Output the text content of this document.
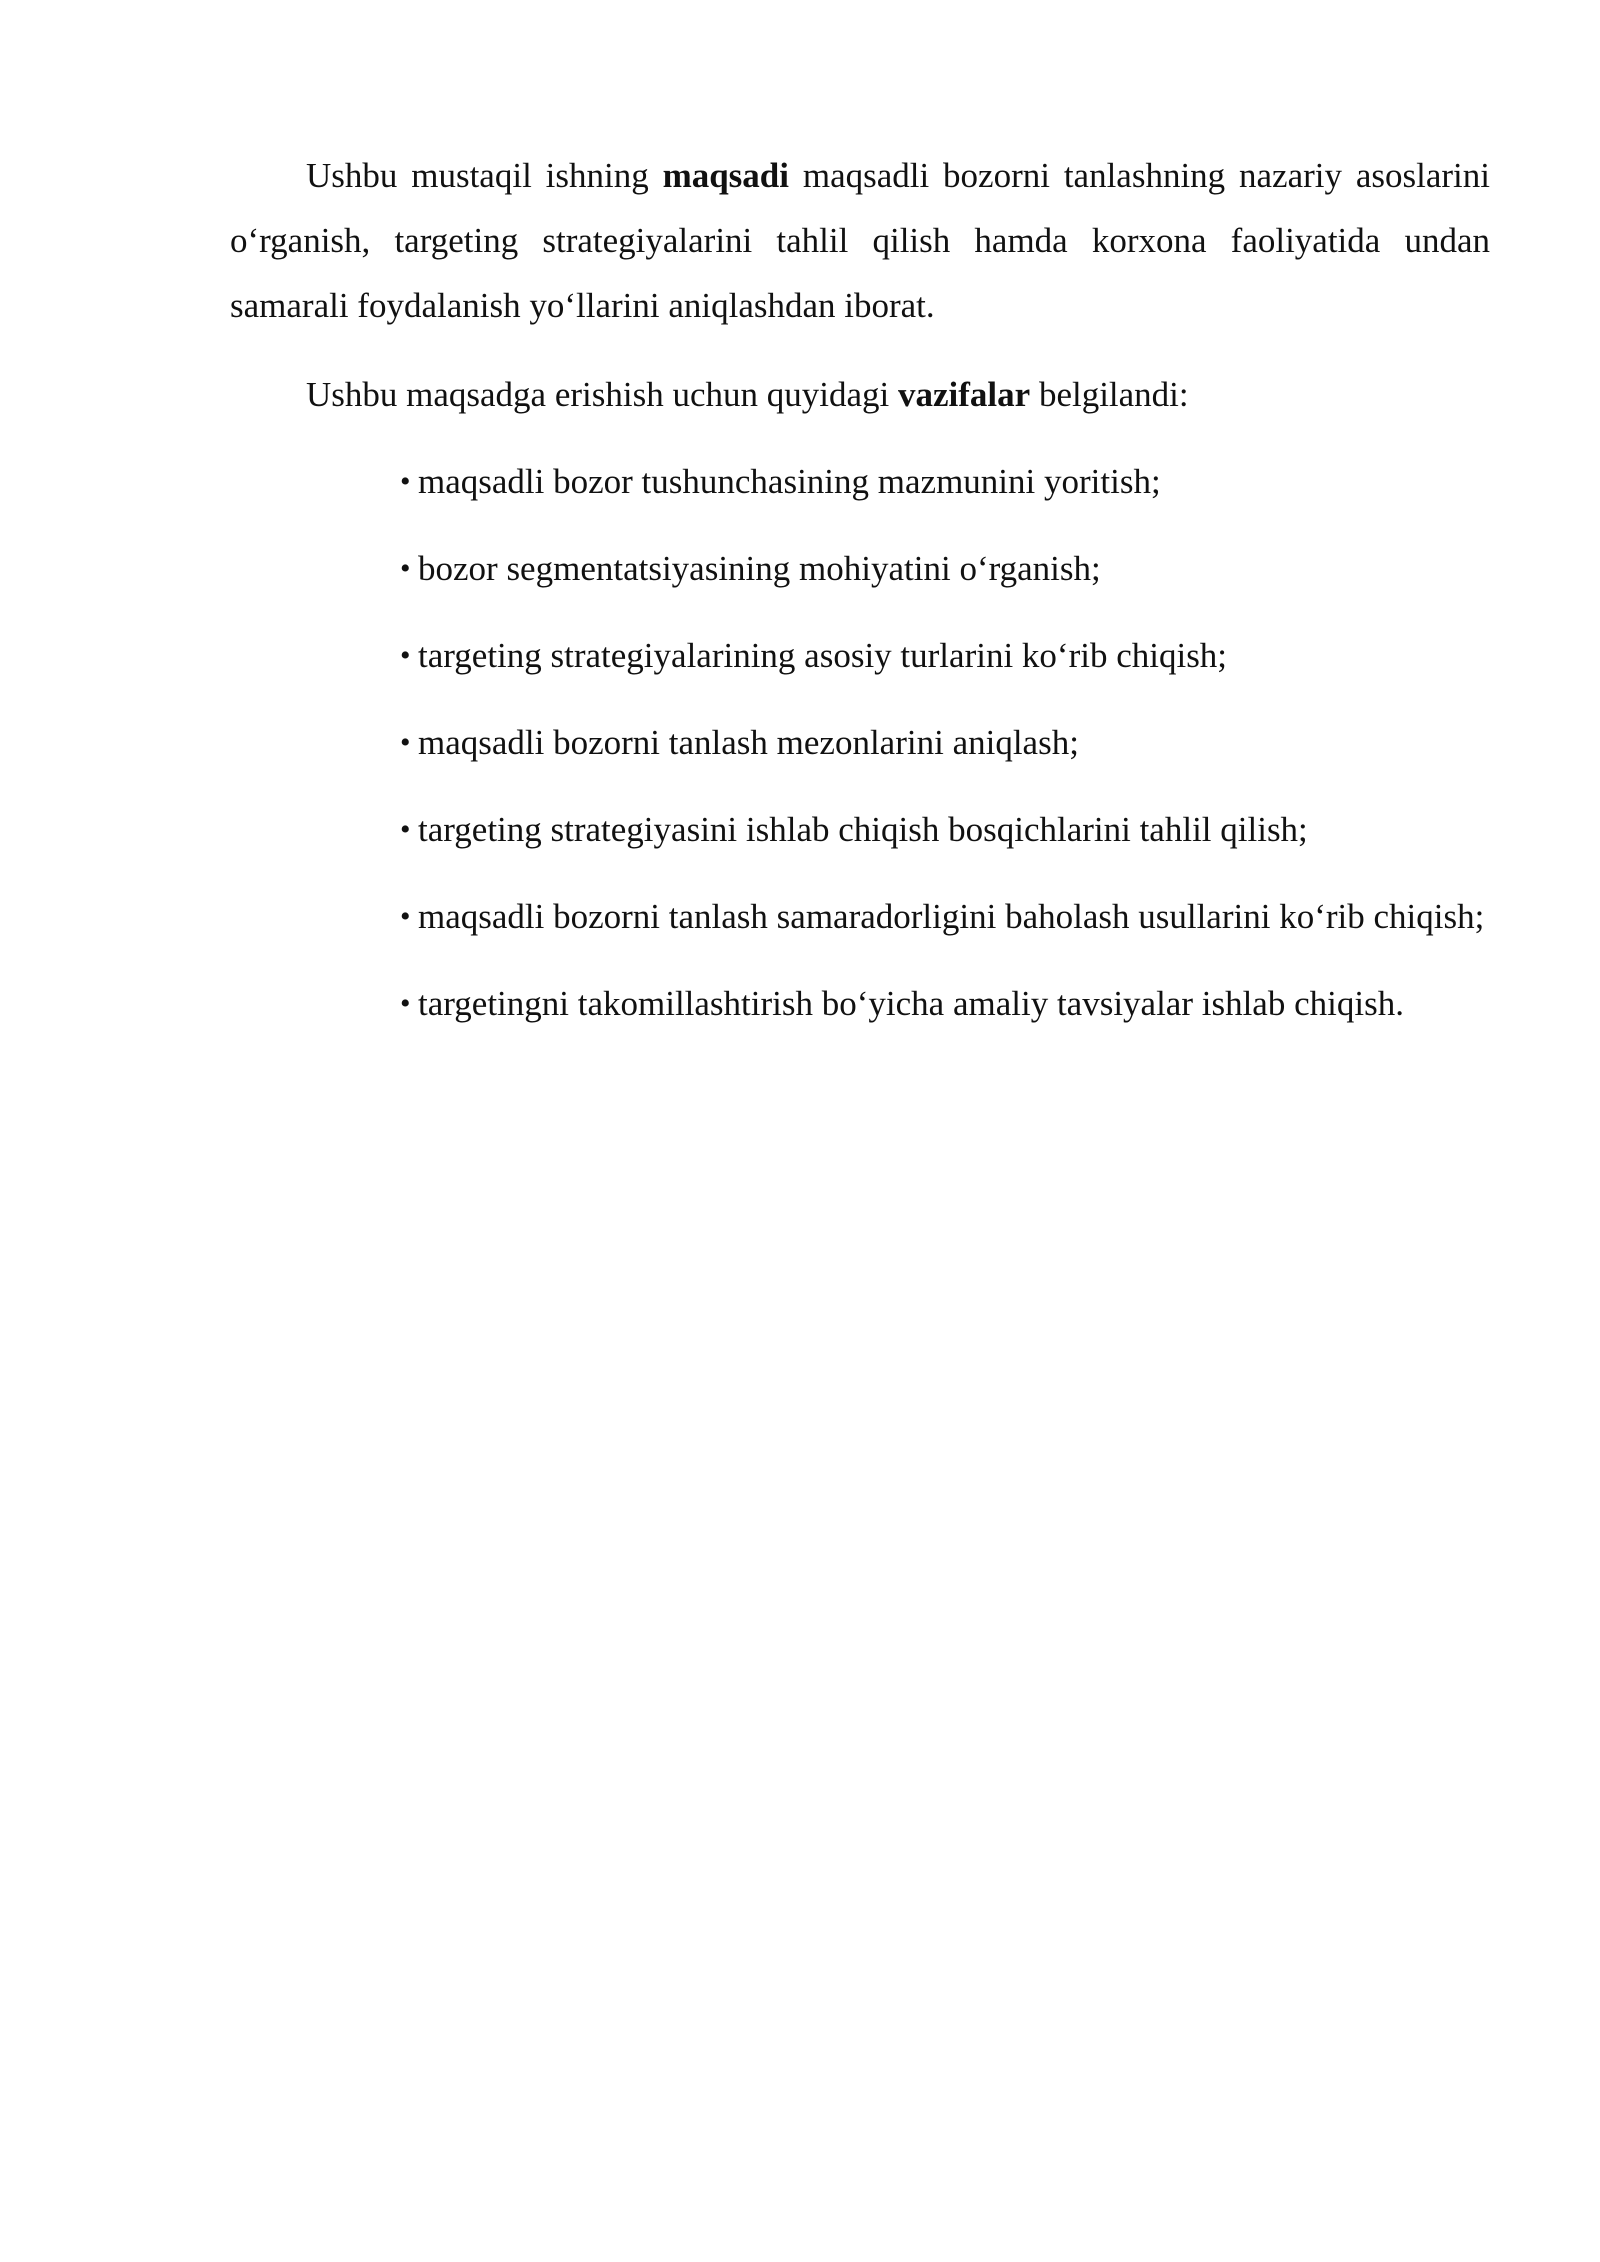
Ushbu mustaqil ishning maqsadi maqsadli bozorni tanlashning nazariy asoslarini o‘rganish, targeting strategiyalarini tahlil qilish hamda korxona faoliyatida undan samarali foydalanish yo‘llarini aniqlashdan iborat.

Ushbu maqsadga erishish uchun quyidagi vazifalar belgilandi:

• maqsadli bozor tushunchasining mazmunini yoritish;
• bozor segmentatsiyasining mohiyatini o‘rganish;
• targeting strategiyalarining asosiy turlarini ko‘rib chiqish;
• maqsadli bozorni tanlash mezonlarini aniqlash;
• targeting strategiyasini ishlab chiqish bosqichlarini tahlil qilish;
• maqsadli bozorni tanlash samaradorligini baholash usullarini ko‘rib chiqish;
• targetingni takomillashtirish bo‘yicha amaliy tavsiyalar ishlab chiqish.
